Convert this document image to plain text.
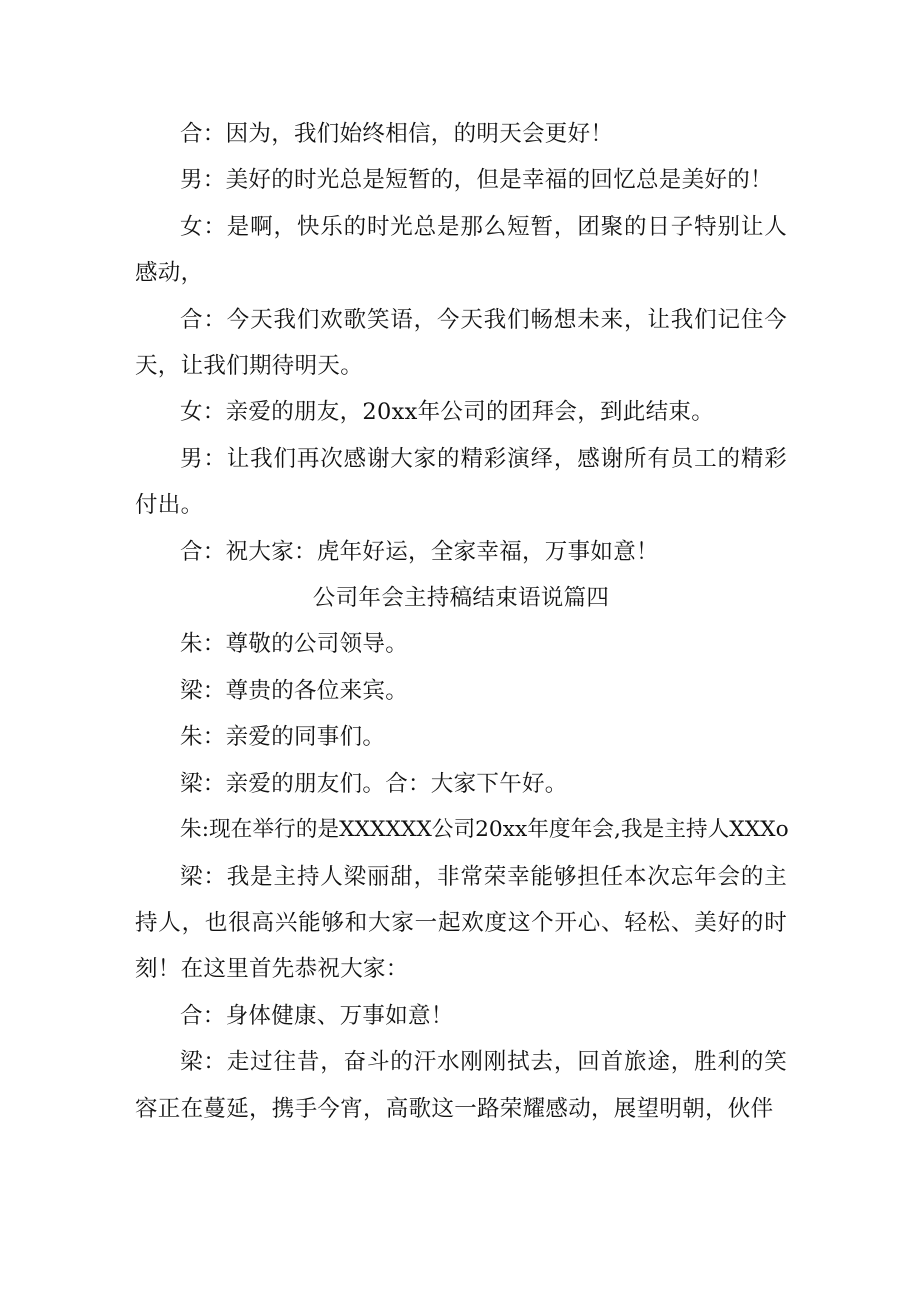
合：因为，我们始终相信，的明天会更好！

男：美好的时光总是短暂的，但是幸福的回忆总是美好的！

女：是啊，快乐的时光总是那么短暂，团聚的日子特别让人感动，

合：今天我们欢歌笑语，今天我们畅想未来，让我们记住今天，让我们期待明天。

女：亲爱的朋友，20xx年公司的团拜会，到此结束。

男：让我们再次感谢大家的精彩演绎，感谢所有员工的精彩付出。

合：祝大家：虎年好运，全家幸福，万事如意！

公司年会主持稿结束语说篇四

朱：尊敬的公司领导。

梁：尊贵的各位来宾。

朱：亲爱的同事们。

梁：亲爱的朋友们。合：大家下午好。

朱:现在举行的是XXXXXX公司20xx年度年会,我是主持人XXXo

梁：我是主持人梁丽甜，非常荣幸能够担任本次忘年会的主持人，也很高兴能够和大家一起欢度这个开心、轻松、美好的时刻！在这里首先恭祝大家：

合：身体健康、万事如意！

梁：走过往昔，奋斗的汗水刚刚拭去，回首旅途，胜利的笑容正在蔓延，携手今宵，高歌这一路荣耀感动，展望明朝，伙伴
